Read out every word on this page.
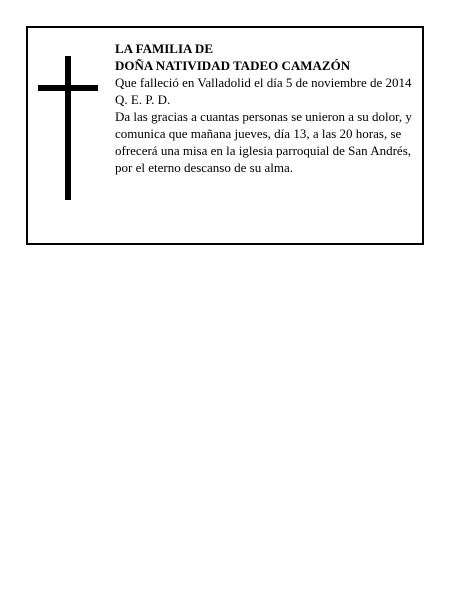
LA FAMILIA DE

DOÑA NATIVIDAD TADEO CAMAZÓN

Que falleció en Valladolid el día 5 de noviembre de 2014

Q. E. P. D.

Da las gracias a cuantas personas se unieron a su dolor, y comunica que mañana jueves, día 13, a las 20 horas, se ofrecerá una misa en la iglesia parroquial de San Andrés, por el eterno descanso de su alma.
